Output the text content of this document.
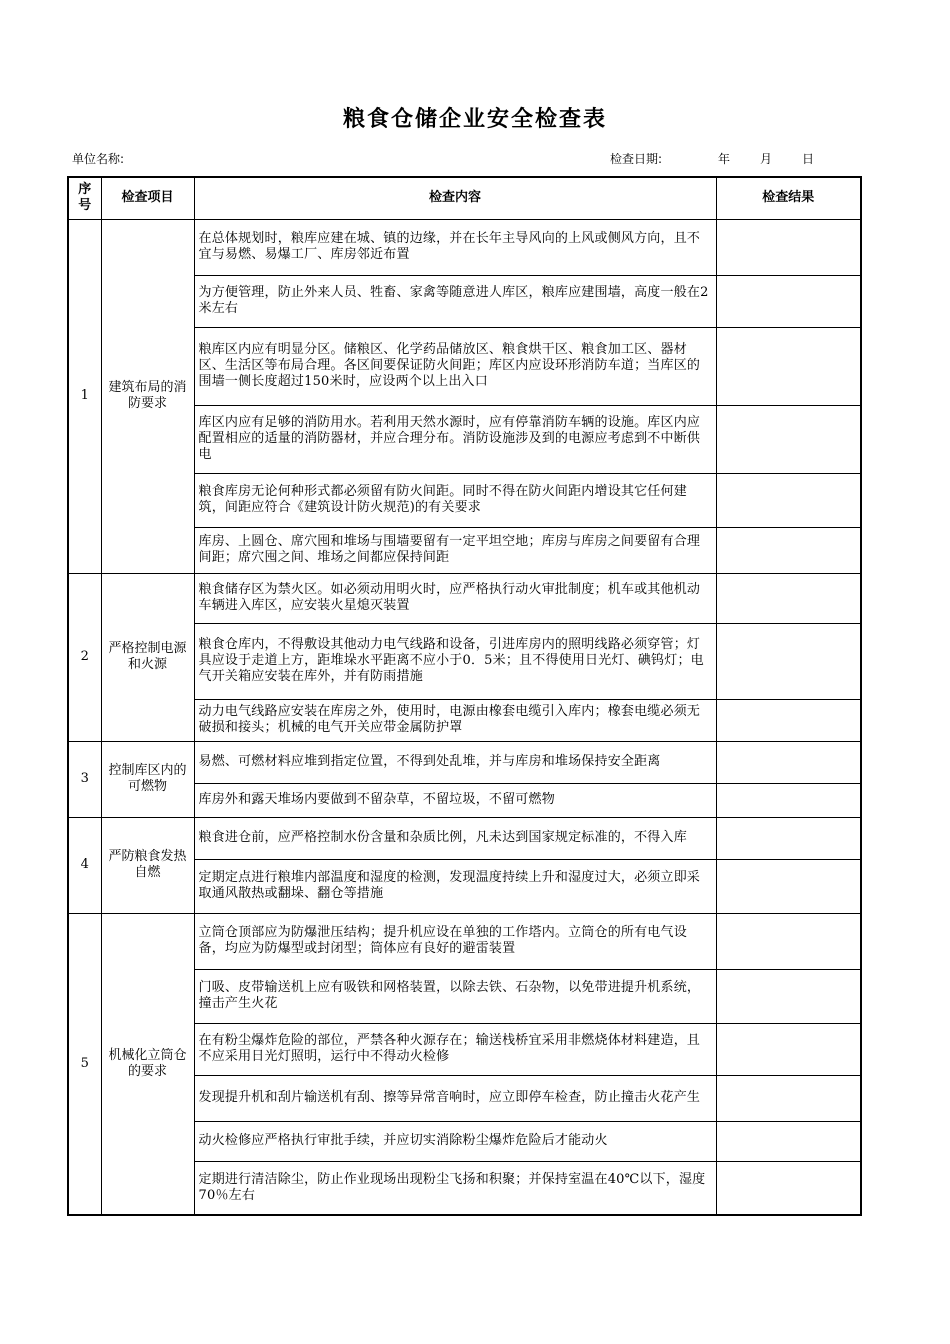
粮食仓储企业安全检查表
单位名称:	检查日期:	年	月	日
序号	检查项目	检查内容	检查结果
1	建筑布局的消防要求	在总体规划时，粮库应建在城、镇的边缘，并在长年主导风向的上风或侧风方向，且不宜与易燃、易爆工厂、库房邻近布置	
		为方便管理，防止外来人员、牲畜、家禽等随意进人库区，粮库应建围墙，高度一般在2米左右	
		粮库区内应有明显分区。储粮区、化学药品储放区、粮食烘干区、粮食加工区、器材区、生活区等布局合理。各区间要保证防火间距；库区内应设环形消防车道；当库区的围墙一侧长度超过150米时，应设两个以上出入口	
		库区内应有足够的消防用水。若利用天然水源时，应有停靠消防车辆的设施。库区内应配置相应的适量的消防器材，并应合理分布。消防设施涉及到的电源应考虑到不中断供电	
		粮食库房无论何种形式都必须留有防火间距。同时不得在防火间距内增设其它任何建筑，间距应符合《建筑设计防火规范)的有关要求	
		库房、上圆仓、席穴囤和堆场与围墙要留有一定平坦空地；库房与库房之间要留有合理间距；席穴囤之间、堆场之间都应保持间距	
2	严格控制电源和火源	粮食储存区为禁火区。如必须动用明火时，应严格执行动火审批制度；机车或其他机动车辆进入库区，应安装火星熄灭装置	
		粮食仓库内，不得敷设其他动力电气线路和设备，引进库房内的照明线路必须穿管；灯具应设于走道上方，距堆垛水平距离不应小于0．5米；且不得使用日光灯、碘钨灯；电气开关箱应安装在库外，并有防雨措施	
		动力电气线路应安装在库房之外，使用时，电源由橡套电缆引入库内；橡套电缆必须无破损和接头；机械的电气开关应带金属防护罩	
3	控制库区内的可燃物	易燃、可燃材料应堆到指定位置，不得到处乱堆，并与库房和堆场保持安全距离	
		库房外和露天堆场内要做到不留杂草，不留垃圾，不留可燃物	
4	严防粮食发热自燃	粮食进仓前，应严格控制水份含量和杂质比例，凡未达到国家规定标准的，不得入库	
		定期定点进行粮堆内部温度和湿度的检测，发现温度持续上升和湿度过大，必须立即采取通风散热或翻垛、翻仓等措施	
5	机械化立筒仓的要求	立筒仓顶部应为防爆泄压结构；提升机应设在单独的工作塔内。立筒仓的所有电气设备，均应为防爆型或封闭型；筒体应有良好的避雷装置	
		门吸、皮带输送机上应有吸铁和网格装置，以除去铁、石杂物，以免带进提升机系统，撞击产生火花	
		在有粉尘爆炸危险的部位，严禁各种火源存在；输送栈桥宜采用非燃烧体材料建造，且不应采用日光灯照明，运行中不得动火检修	
		发现提升机和刮片输送机有刮、擦等异常音响时，应立即停车检查，防止撞击火花产生	
		动火检修应严格执行审批手续，并应切实消除粉尘爆炸危险后才能动火	
		定期进行清洁除尘，防止作业现场出现粉尘飞扬和积聚；并保持室温在40℃以下，湿度70％左右	
